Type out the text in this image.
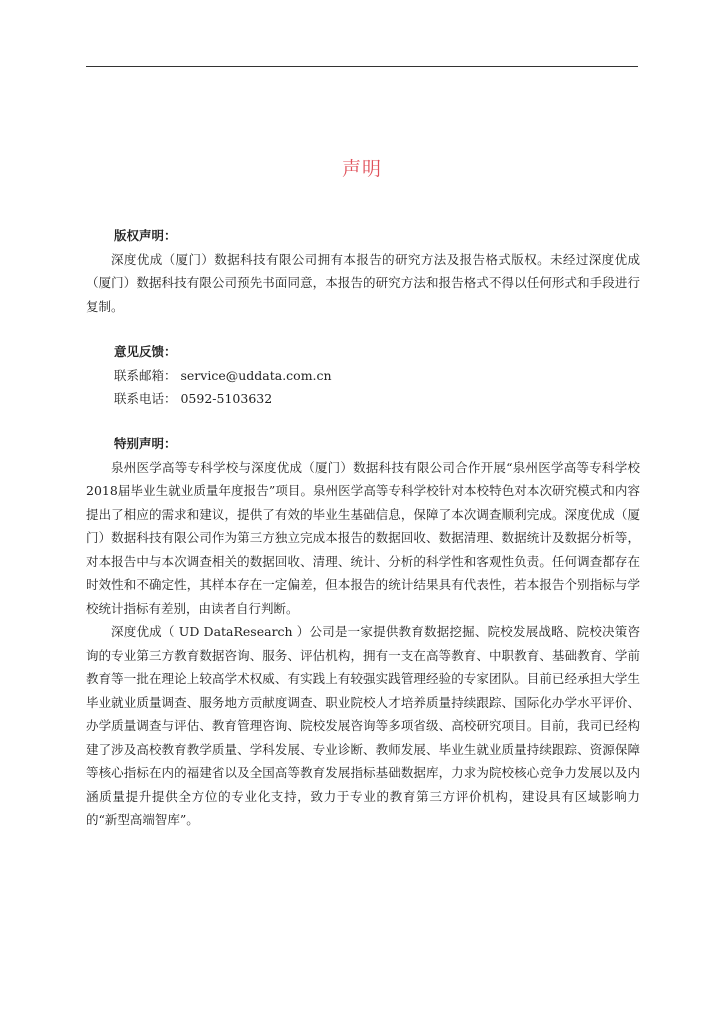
声明

版权声明：

深度优成（厦门）数据科技有限公司拥有本报告的研究方法及报告格式版权。未经过深度优成（厦门）数据科技有限公司预先书面同意，本报告的研究方法和报告格式不得以任何形式和手段进行复制。

意见反馈：

联系邮箱： service@uddata.com.cn

联系电话： 0592-5103632

特别声明：

泉州医学高等专科学校与深度优成（厦门）数据科技有限公司合作开展“泉州医学高等专科学校2018届毕业生就业质量年度报告”项目。泉州医学高等专科学校针对本校特色对本次研究模式和内容提出了相应的需求和建议，提供了有效的毕业生基础信息，保障了本次调查顺利完成。深度优成（厦门）数据科技有限公司作为第三方独立完成本报告的数据回收、数据清理、数据统计及数据分析等，对本报告中与本次调查相关的数据回收、清理、统计、分析的科学性和客观性负责。任何调查都存在时效性和不确定性，其样本存在一定偏差，但本报告的统计结果具有代表性，若本报告个别指标与学校统计指标有差别，由读者自行判断。

深度优成（ UD DataResearch ）公司是一家提供教育数据挖掘、院校发展战略、院校决策咨询的专业第三方教育数据咨询、服务、评估机构，拥有一支在高等教育、中职教育、基础教育、学前教育等一批在理论上较高学术权威、有实践上有较强实践管理经验的专家团队。目前已经承担大学生毕业就业质量调查、服务地方贡献度调查、职业院校人才培养质量持续跟踪、国际化办学水平评价、办学质量调查与评估、教育管理咨询、院校发展咨询等多项省级、高校研究项目。目前，我司已经构建了涉及高校教育教学质量、学科发展、专业诊断、教师发展、毕业生就业质量持续跟踪、资源保障等核心指标在内的福建省以及全国高等教育发展指标基础数据库，力求为院校核心竞争力发展以及内涵质量提升提供全方位的专业化支持，致力于专业的教育第三方评价机构，建设具有区域影响力的“新型高端智库”。
